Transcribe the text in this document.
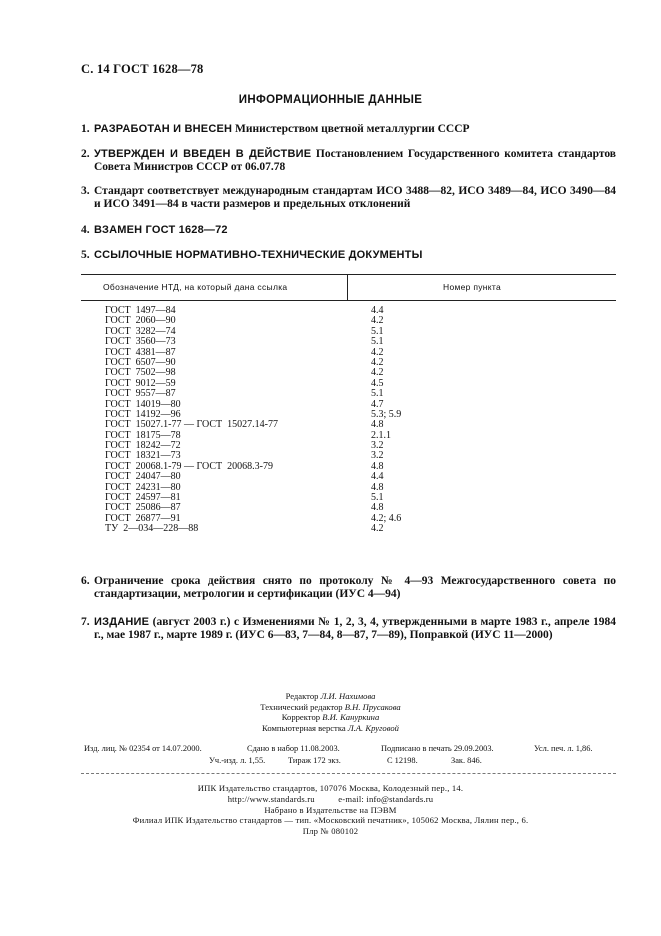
С. 14 ГОСТ 1628—78
ИНФОРМАЦИОННЫЕ ДАННЫЕ
1. РАЗРАБОТАН И ВНЕСЕН Министерством цветной металлургии СССР
2. УТВЕРЖДЕН И ВВЕДЕН В ДЕЙСТВИЕ Постановлением Государственного комитета стандартов Совета Министров СССР от 06.07.78
3. Стандарт соответствует международным стандартам ИСО 3488—82, ИСО 3489—84, ИСО 3490—84 и ИСО 3491—84 в части размеров и предельных отклонений
4. ВЗАМЕН ГОСТ 1628—72
5. ССЫЛОЧНЫЕ НОРМАТИВНО-ТЕХНИЧЕСКИЕ ДОКУМЕНТЫ
Обозначение НТД, на который дана ссылка	Номер пункта
ГОСТ  1497—84	4.4
ГОСТ  2060—90	4.2
ГОСТ  3282—74	5.1
ГОСТ  3560—73	5.1
ГОСТ  4381—87	4.2
ГОСТ  6507—90	4.2
ГОСТ  7502—98	4.2
ГОСТ  9012—59	4.5
ГОСТ  9557—87	5.1
ГОСТ  14019—80	4.7
ГОСТ  14192—96	5.3; 5.9
ГОСТ  15027.1-77 — ГОСТ  15027.14-77	4.8
ГОСТ  18175—78	2.1.1
ГОСТ  18242—72	3.2
ГОСТ  18321—73	3.2
ГОСТ  20068.1-79 — ГОСТ  20068.3-79	4.8
ГОСТ  24047—80	4.4
ГОСТ  24231—80	4.8
ГОСТ  24597—81	5.1
ГОСТ  25086—87	4.8
ГОСТ  26877—91	4.2; 4.6
ТУ  2—034—228—88	4.2
6. Ограничение срока действия снято по протоколу № 4—93 Межгосударственного совета по стандартизации, метрологии и сертификации (ИУС 4—94)
7. ИЗДАНИЕ (август 2003 г.) с Изменениями № 1, 2, 3, 4, утвержденными в марте 1983 г., апреле 1984 г., мае 1987 г., марте 1989 г. (ИУС 6—83, 7—84, 8—87, 7—89), Поправкой (ИУС 11—2000)
Редактор Л.И. Нахимова
Технический редактор В.Н. Прусакова
Корректор В.И. Кануркина
Компьютерная верстка Л.А. Круговой
Изд. лиц. № 02354 от 14.07.2000.	Сдано в набор 11.08.2003.	Подписано в печать 29.09.2003.	Усл. печ. л. 1,86.
Уч.-изд. л. 1,55.	Тираж 172 экз.	С 12198.	Зак. 846.
ИПК Издательство стандартов, 107076 Москва, Колодезный пер., 14.
http://www.standards.ru          e-mail: info@standards.ru
Набрано в Издательстве на ПЭВМ
Филиал ИПК Издательство стандартов — тип. «Московский печатник», 105062 Москва, Лялин пер., 6.
Плр № 080102
